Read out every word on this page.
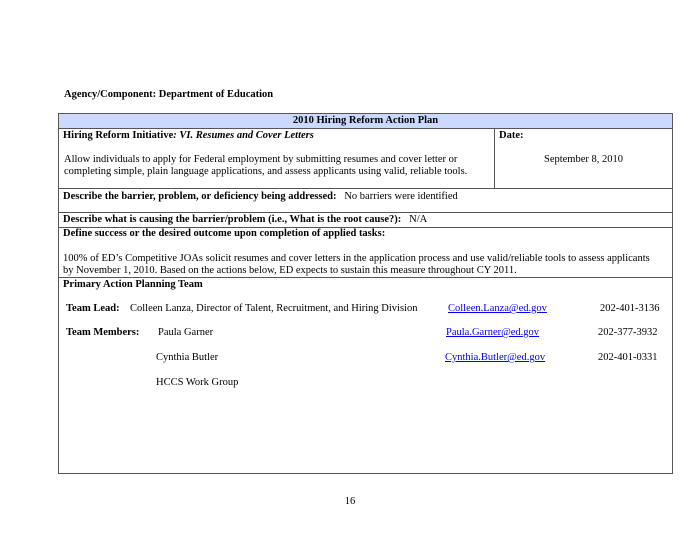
Agency/Component: Department of Education
2010 Hiring Reform Action Plan
Hiring Reform Initiative: VI. Resumes and Cover Letters
Allow individuals to apply for Federal employment by submitting resumes and cover letter or
completing simple, plain language applications, and assess applicants using valid, reliable tools.
Date:
September 8, 2010
Describe the barrier, problem, or deficiency being addressed: No barriers were identified
Describe what is causing the barrier/problem (i.e., What is the root cause?): N/A
Define success or the desired outcome upon completion of applied tasks:
100% of ED’s Competitive JOAs solicit resumes and cover letters in the application process and use valid/reliable tools to assess applicants
by November 1, 2010. Based on the actions below, ED expects to sustain this measure throughout CY 2011.
Primary Action Planning Team
Team Lead: Colleen Lanza, Director of Talent, Recruitment, and Hiring Division	Colleen.Lanza@ed.gov	202-401-3136
Team Members: Paula Garner	Paula.Garner@ed.gov	202-377-3932
Cynthia Butler	Cynthia.Butler@ed.gov	202-401-0331
HCCS Work Group
16
